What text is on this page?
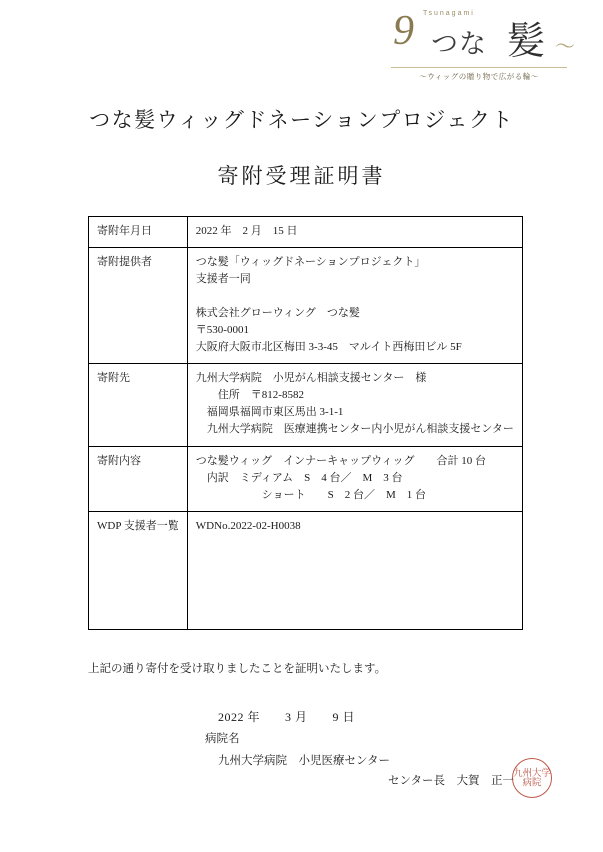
9 Tsunagami
つな 髪 〜
〜ウィッグの贈り物で広がる輪〜
つな髪ウィッグドネーションプロジェクト
寄附受理証明書
寄附年月日	2022 年　2 月　15 日

寄附提供者	つな髪「ウィッグドネーションプロジェクト」
支援者一同

株式会社グローウィング　つな髪
〒530-0001
大阪府大阪市北区梅田 3-3-45　マルイト西梅田ビル 5F

寄附先	九州大学病院　小児がん相談支援センター　様
　　住所　〒812-8582
　福岡県福岡市東区馬出 3-1-1
　九州大学病院　医療連携センター内小児がん相談支援センター

寄附内容	つな髪ウィッグ　インナーキャップウィッグ　　合計 10 台
　内訳　ミディアム　S　4 台／　M　3 台
　　　　　　ショート　　S　2 台／　M　1 台

WDP 支援者一覧	WDNo.2022-02-H0038
上記の通り寄付を受け取りましたことを証明いたします。
2022 年　　3 月　　9 日
病院名
九州大学病院　小児医療センター
センター長　大賀　正一
九州大学病院
